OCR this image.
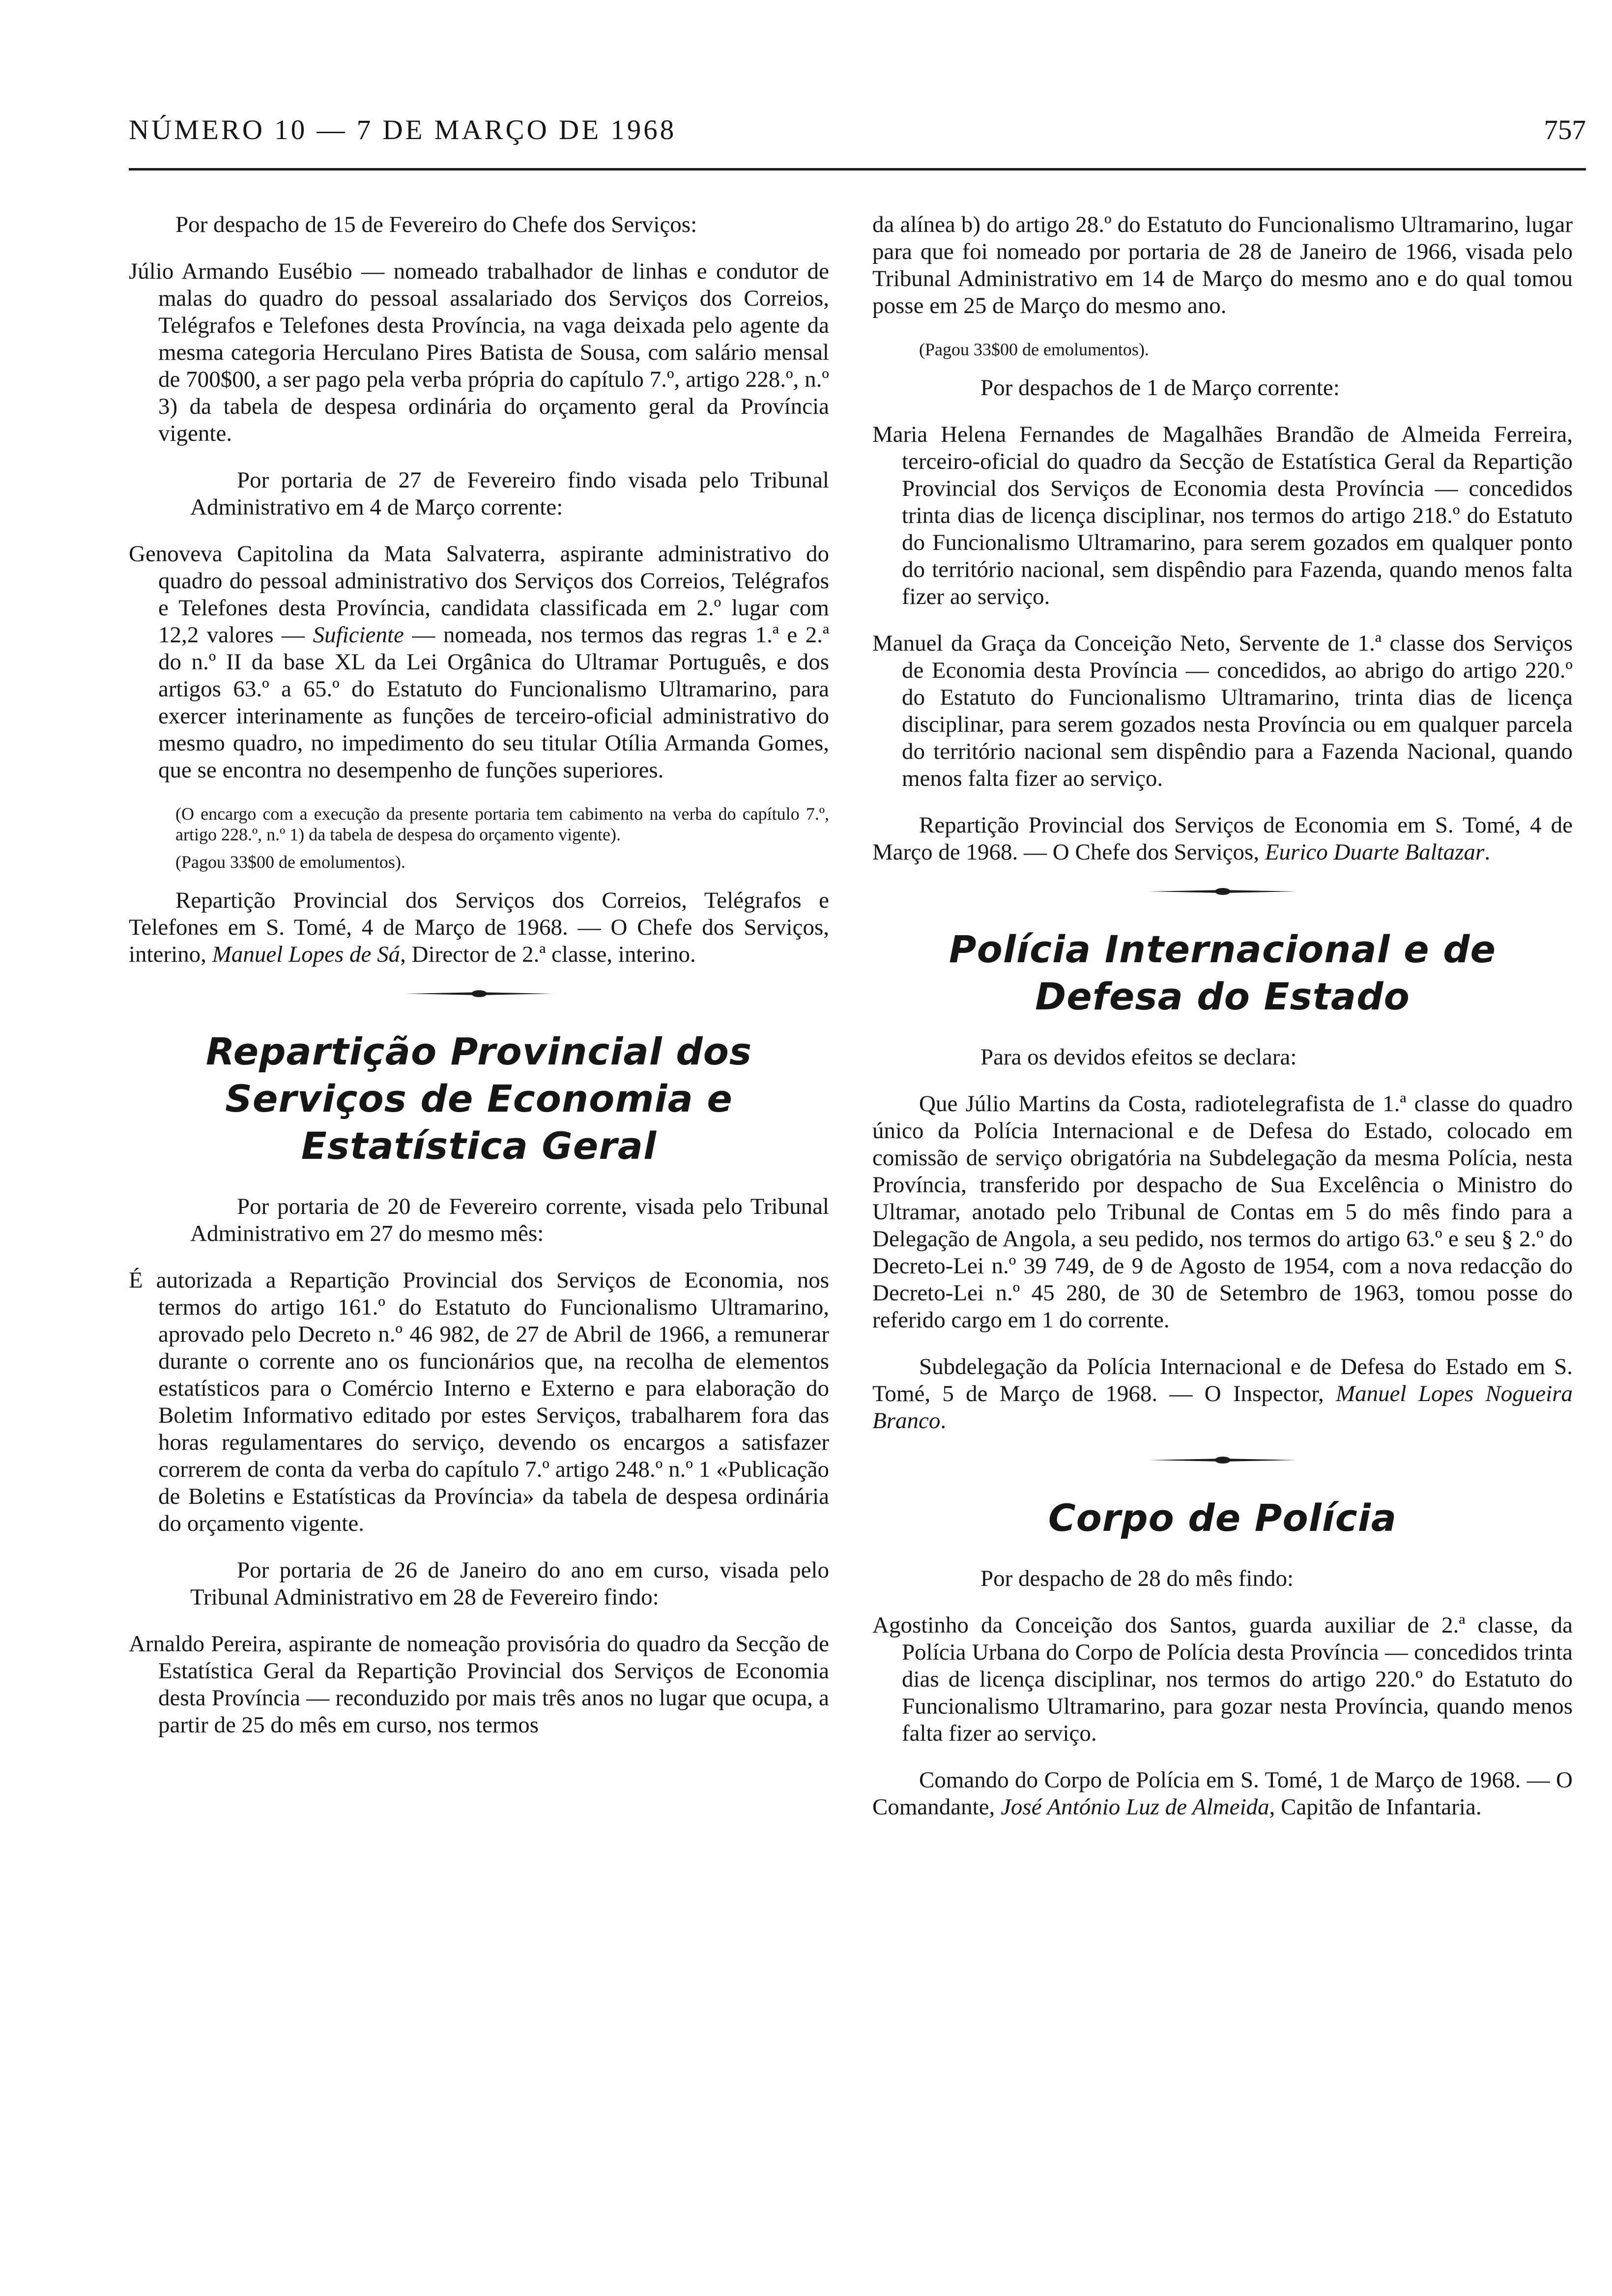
NÚMERO 10 — 7 DE MARÇO DE 1968	757

Por despacho de 15 de Fevereiro do Chefe dos Serviços:

Júlio Armando Eusébio — nomeado trabalhador de linhas e condutor de malas do quadro do pessoal assalariado dos Serviços dos Correios, Telégrafos e Telefones desta Província, na vaga deixada pelo agente da mesma categoria Herculano Pires Batista de Sousa, com salário mensal de 700$00, a ser pago pela verba própria do capítulo 7.º, artigo 228.º, n.º 3) da tabela de despesa ordinária do orçamento geral da Província vigente.

Por portaria de 27 de Fevereiro findo visada pelo Tribunal Administrativo em 4 de Março corrente:

Genoveva Capitolina da Mata Salvaterra, aspirante administrativo do quadro do pessoal administrativo dos Serviços dos Correios, Telégrafos e Telefones desta Província, candidata classificada em 2.º lugar com 12,2 valores — Suficiente — nomeada, nos termos das regras 1.ª e 2.ª do n.º II da base XL da Lei Orgânica do Ultramar Português, e dos artigos 63.º a 65.º do Estatuto do Funcionalismo Ultramarino, para exercer interinamente as funções de terceiro-oficial administrativo do mesmo quadro, no impedimento do seu titular Otília Armanda Gomes, que se encontra no desempenho de funções superiores.

(O encargo com a execução da presente portaria tem cabimento na verba do capítulo 7.º, artigo 228.º, n.º 1) da tabela de despesa do orçamento vigente).

(Pagou 33$00 de emolumentos).

Repartição Provincial dos Serviços dos Correios, Telégrafos e Telefones em S. Tomé, 4 de Março de 1968. — O Chefe dos Serviços, interino, Manuel Lopes de Sá, Director de 2.ª classe, interino.

Repartição Provincial dos Serviços de Economia e Estatística Geral

Por portaria de 20 de Fevereiro corrente, visada pelo Tribunal Administrativo em 27 do mesmo mês:

É autorizada a Repartição Provincial dos Serviços de Economia, nos termos do artigo 161.º do Estatuto do Funcionalismo Ultramarino, aprovado pelo Decreto n.º 46 982, de 27 de Abril de 1966, a remunerar durante o corrente ano os funcionários que, na recolha de elementos estatísticos para o Comércio Interno e Externo e para elaboração do Boletim Informativo editado por estes Serviços, trabalharem fora das horas regulamentares do serviço, devendo os encargos a satisfazer correrem de conta da verba do capítulo 7.º artigo 248.º n.º 1 «Publicação de Boletins e Estatísticas da Província» da tabela de despesa ordinária do orçamento vigente.

Por portaria de 26 de Janeiro do ano em curso, visada pelo Tribunal Administrativo em 28 de Fevereiro findo:

Arnaldo Pereira, aspirante de nomeação provisória do quadro da Secção de Estatística Geral da Repartição Provincial dos Serviços de Economia desta Província — reconduzido por mais três anos no lugar que ocupa, a partir de 25 do mês em curso, nos termos

da alínea b) do artigo 28.º do Estatuto do Funcionalismo Ultramarino, lugar para que foi nomeado por portaria de 28 de Janeiro de 1966, visada pelo Tribunal Administrativo em 14 de Março do mesmo ano e do qual tomou posse em 25 de Março do mesmo ano.

(Pagou 33$00 de emolumentos).

Por despachos de 1 de Março corrente:

Maria Helena Fernandes de Magalhães Brandão de Almeida Ferreira, terceiro-oficial do quadro da Secção de Estatística Geral da Repartição Provincial dos Serviços de Economia desta Província — concedidos trinta dias de licença disciplinar, nos termos do artigo 218.º do Estatuto do Funcionalismo Ultramarino, para serem gozados em qualquer ponto do território nacional, sem dispêndio para Fazenda, quando menos falta fizer ao serviço.

Manuel da Graça da Conceição Neto, Servente de 1.ª classe dos Serviços de Economia desta Província — concedidos, ao abrigo do artigo 220.º do Estatuto do Funcionalismo Ultramarino, trinta dias de licença disciplinar, para serem gozados nesta Província ou em qualquer parcela do território nacional sem dispêndio para a Fazenda Nacional, quando menos falta fizer ao serviço.

Repartição Provincial dos Serviços de Economia em S. Tomé, 4 de Março de 1968. — O Chefe dos Serviços, Eurico Duarte Baltazar.

Polícia Internacional e de Defesa do Estado

Para os devidos efeitos se declara:

Que Júlio Martins da Costa, radiotelegrafista de 1.ª classe do quadro único da Polícia Internacional e de Defesa do Estado, colocado em comissão de serviço obrigatória na Subdelegação da mesma Polícia, nesta Província, transferido por despacho de Sua Excelência o Ministro do Ultramar, anotado pelo Tribunal de Contas em 5 do mês findo para a Delegação de Angola, a seu pedido, nos termos do artigo 63.º e seu § 2.º do Decreto-Lei n.º 39 749, de 9 de Agosto de 1954, com a nova redacção do Decreto-Lei n.º 45 280, de 30 de Setembro de 1963, tomou posse do referido cargo em 1 do corrente.

Subdelegação da Polícia Internacional e de Defesa do Estado em S. Tomé, 5 de Março de 1968. — O Inspector, Manuel Lopes Nogueira Branco.

Corpo de Polícia

Por despacho de 28 do mês findo:

Agostinho da Conceição dos Santos, guarda auxiliar de 2.ª classe, da Polícia Urbana do Corpo de Polícia desta Província — concedidos trinta dias de licença disciplinar, nos termos do artigo 220.º do Estatuto do Funcionalismo Ultramarino, para gozar nesta Província, quando menos falta fizer ao serviço.

Comando do Corpo de Polícia em S. Tomé, 1 de Março de 1968. — O Comandante, José António Luz de Almeida, Capitão de Infantaria.
